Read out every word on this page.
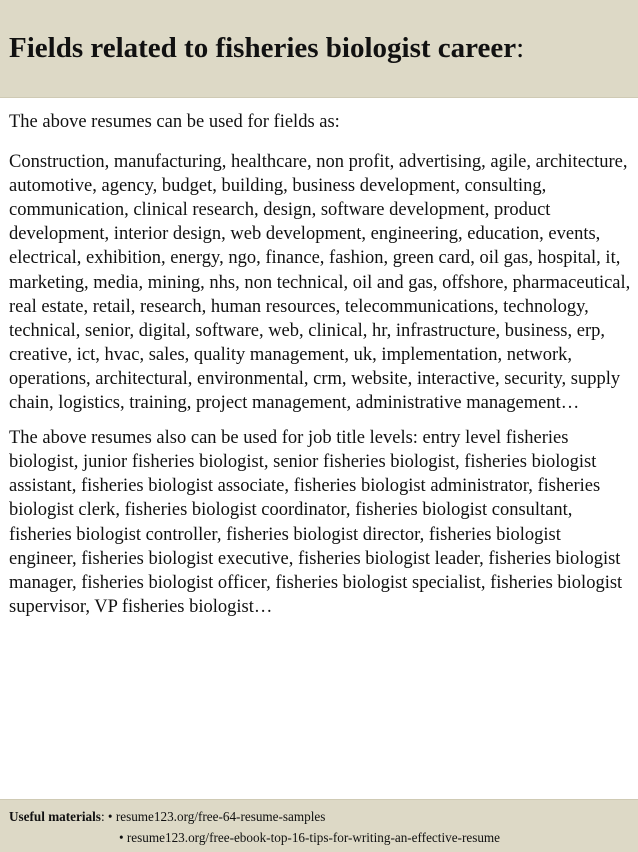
Fields related to fisheries biologist career:

The above resumes can be used for fields as:

Construction, manufacturing, healthcare, non profit, advertising, agile, architecture, automotive, agency, budget, building, business development, consulting, communication, clinical research, design, software development, product development, interior design, web development, engineering, education, events, electrical, exhibition, energy, ngo, finance, fashion, green card, oil gas, hospital, it, marketing, media, mining, nhs, non technical, oil and gas, offshore, pharmaceutical, real estate, retail, research, human resources, telecommunications, technology, technical, senior, digital, software, web, clinical, hr, infrastructure, business, erp, creative, ict, hvac, sales, quality management, uk, implementation, network, operations, architectural, environmental, crm, website, interactive, security, supply chain, logistics, training, project management, administrative management…

The above resumes also can be used for job title levels: entry level fisheries biologist, junior fisheries biologist, senior fisheries biologist, fisheries biologist assistant, fisheries biologist associate, fisheries biologist administrator, fisheries biologist clerk, fisheries biologist coordinator, fisheries biologist consultant, fisheries biologist controller, fisheries biologist director, fisheries biologist engineer, fisheries biologist executive, fisheries biologist leader, fisheries biologist manager, fisheries biologist officer, fisheries biologist specialist, fisheries biologist supervisor, VP fisheries biologist…

Useful materials: • resume123.org/free-64-resume-samples
• resume123.org/free-ebook-top-16-tips-for-writing-an-effective-resume
